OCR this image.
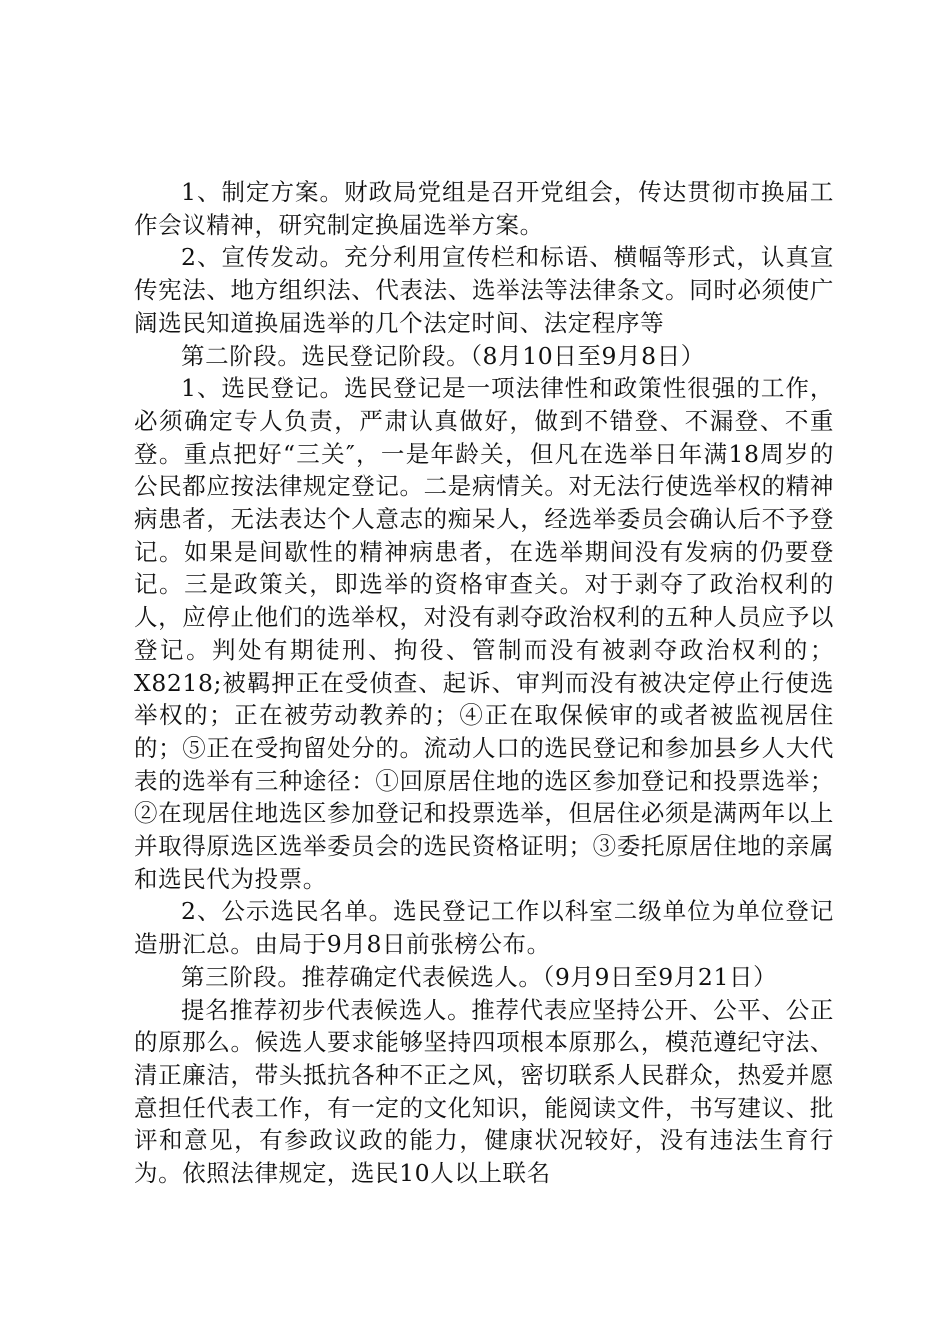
1、制定方案。财政局党组是召开党组会，传达贯彻市换届工作会议精神，研究制定换届选举方案。

2、宣传发动。充分利用宣传栏和标语、横幅等形式，认真宣传宪法、地方组织法、代表法、选举法等法律条文。同时必须使广阔选民知道换届选举的几个法定时间、法定程序等

第二阶段。选民登记阶段。（8月10日至9月8日）

1、选民登记。选民登记是一项法律性和政策性很强的工作，必须确定专人负责，严肃认真做好，做到不错登、不漏登、不重登。重点把好“三关″，一是年龄关，但凡在选举日年满18周岁的公民都应按法律规定登记。二是病情关。对无法行使选举权的精神病患者，无法表达个人意志的痴呆人，经选举委员会确认后不予登记。如果是间歇性的精神病患者，在选举期间没有发病的仍要登记。三是政策关，即选举的资格审查关。对于剥夺了政治权利的人，应停止他们的选举权，对没有剥夺政治权利的五种人员应予以登记。判处有期徒刑、拘役、管制而没有被剥夺政治权利的；X8218;被羁押正在受侦查、起诉、审判而没有被决定停止行使选举权的；正在被劳动教养的；④正在取保候审的或者被监视居住的；⑤正在受拘留处分的。流动人口的选民登记和参加县乡人大代表的选举有三种途径：①回原居住地的选区参加登记和投票选举；②在现居住地选区参加登记和投票选举，但居住必须是满两年以上并取得原选区选举委员会的选民资格证明；③委托原居住地的亲属和选民代为投票。

2、公示选民名单。选民登记工作以科室二级单位为单位登记造册汇总。由局于9月8日前张榜公布。

第三阶段。推荐确定代表候选人。（9月9日至9月21日）

提名推荐初步代表候选人。推荐代表应坚持公开、公平、公正的原那么。候选人要求能够坚持四项根本原那么，模范遵纪守法、清正廉洁，带头抵抗各种不正之风，密切联系人民群众，热爱并愿意担任代表工作，有一定的文化知识，能阅读文件，书写建议、批评和意见，有参政议政的能力，健康状况较好，没有违法生育行为。依照法律规定，选民10人以上联名
